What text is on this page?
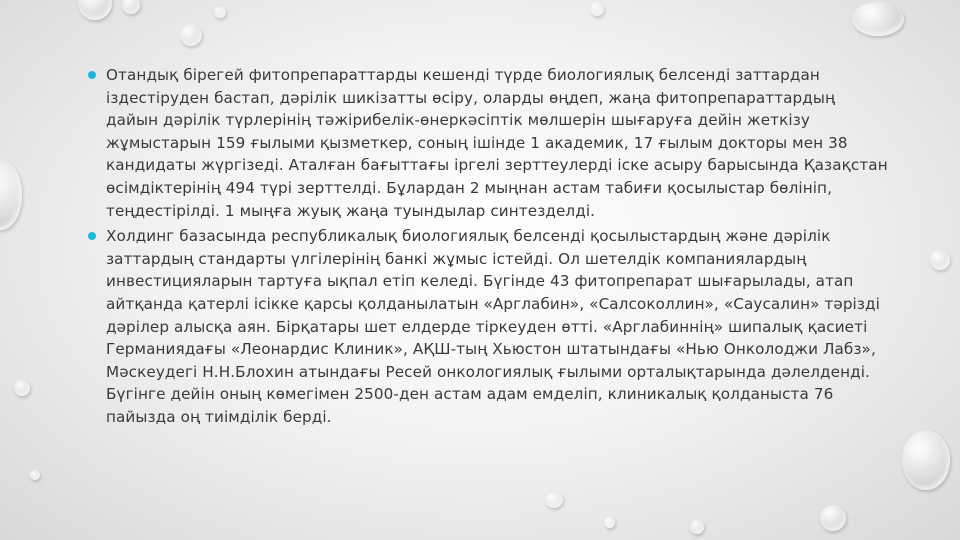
Отандық бірегей фитопрепараттарды кешенді түрде биологиялық белсенді заттардан іздестіруден бастап, дәрілік шикізатты өсіру, оларды өңдеп, жаңа фитопрепараттардың дайын дәрілік түрлерінің тәжірибелік-өнеркәсіптік мөлшерін шығаруға дейін жеткізу жұмыстарын 159 ғылыми қызметкер, соның ішінде 1 академик, 17 ғылым докторы мен 38 кандидаты жүргізеді. Аталған бағыттағы іргелі зерттеулерді іске асыру барысында Қазақстан өсімдіктерінің 494 түрі зерттелді. Бұлардан 2 мыңнан астам табиғи қосылыстар бөлініп, теңдестірілді. 1 мыңға жуық жаңа туындылар синтезделді.
Холдинг базасында республикалық биологиялық белсенді қосылыстардың және дәрілік заттардың стандарты үлгілерінің банкі жұмыс істейді. Ол шетелдік компаниялардың инвестицияларын тартуға ықпал етіп келеді. Бүгінде 43 фитопрепарат шығарылады, атап айтқанда қатерлі ісікке қарсы қолданылатын «Арглабин», «Салсоколлин», «Саусалин» тәрізді дәрілер алысқа аян. Бірқатары шет елдерде тіркеуден өтті. «Арглабиннің» шипалық қасиеті Германиядағы «Леонардис Клиник», АҚШ-тың Хьюстон штатындағы «Нью Онколоджи Лабз», Мәскеудегі Н.Н.Блохин атындағы Ресей онкологиялық ғылыми орталықтарында дәлелденді. Бүгінге дейін оның көмегімен 2500-ден астам адам емделіп, клиникалық қолданыста 76 пайызда оң тиімділік берді.
